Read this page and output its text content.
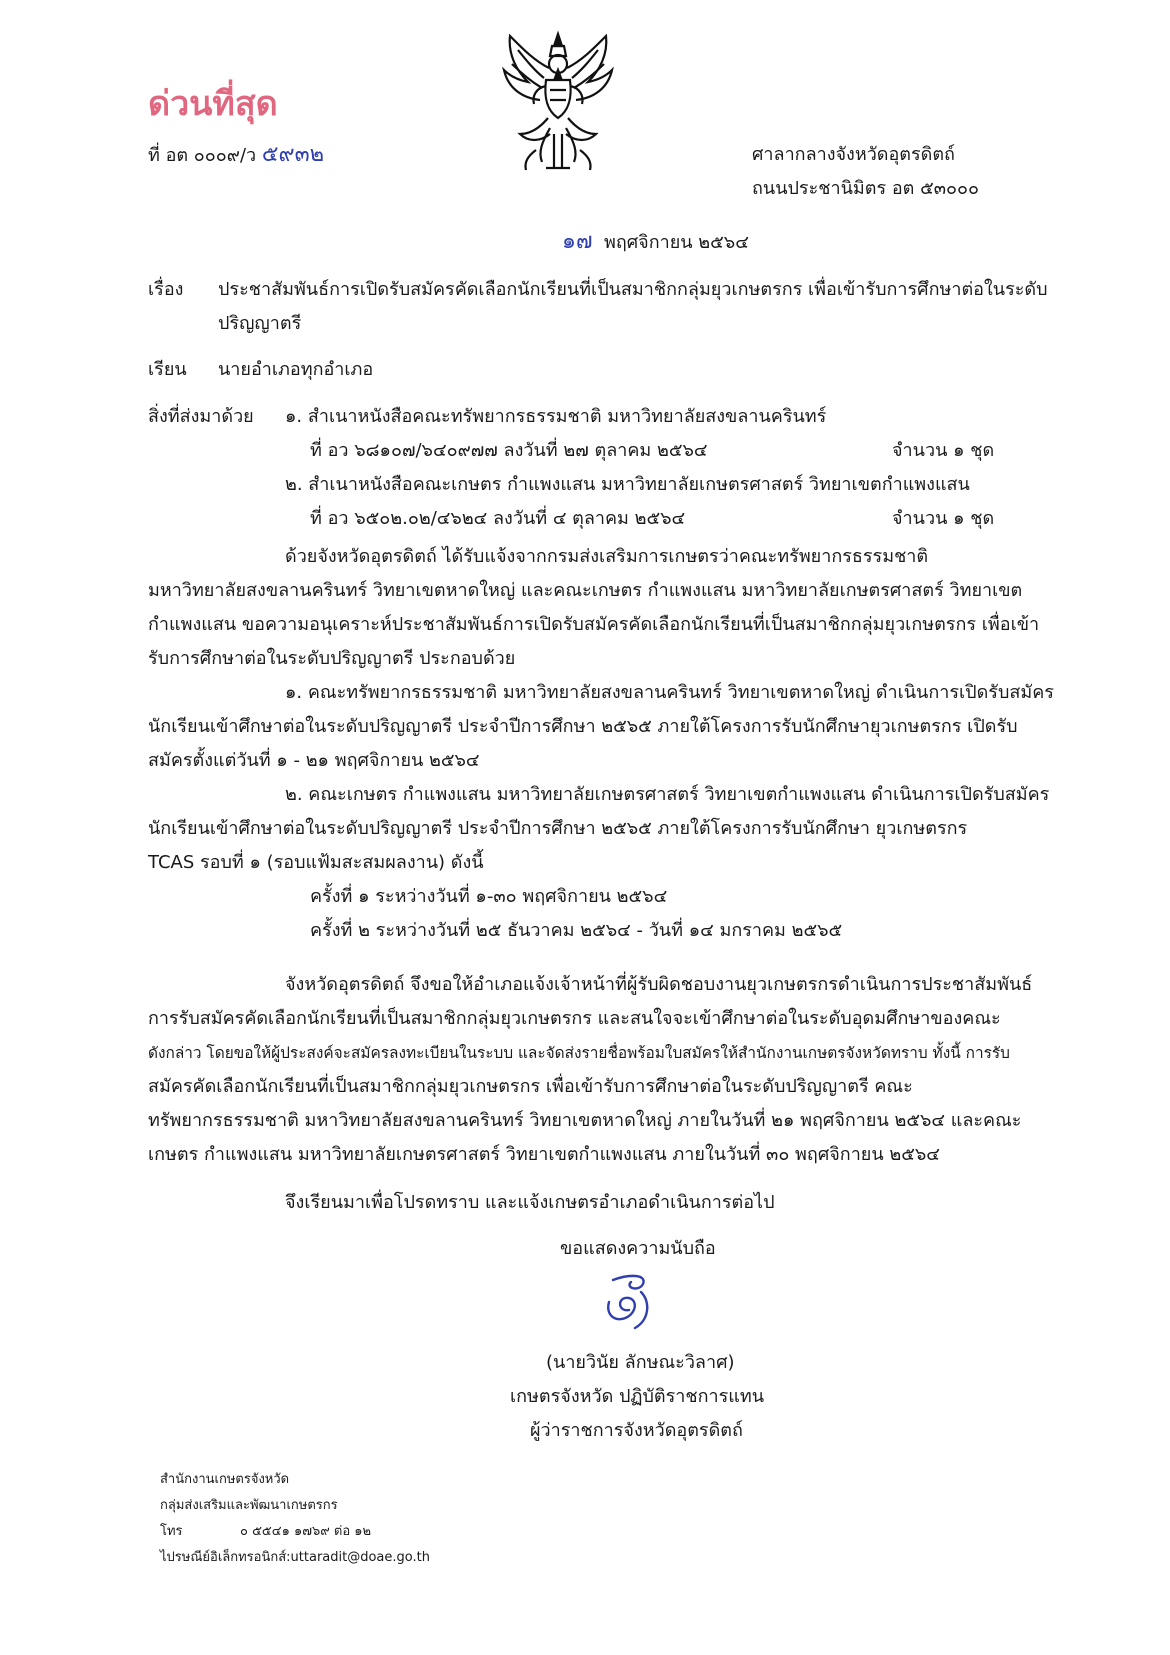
ด่วนที่สุด
ที่ อต ๐๐๐๙/ว ๕๙๓๒	ศาลากลางจังหวัดอุตรดิตถ์
ถนนประชานิมิตร อต ๕๓๐๐๐
๑๗ พฤศจิกายน ๒๕๖๔
เรื่อง ประชาสัมพันธ์การเปิดรับสมัครคัดเลือกนักเรียนที่เป็นสมาชิกกลุ่มยุวเกษตรกร เพื่อเข้ารับการศึกษาต่อในระดับ
ปริญญาตรี
เรียน นายอำเภอทุกอำเภอ
สิ่งที่ส่งมาด้วย ๑. สำเนาหนังสือคณะทรัพยากรธรรมชาติ มหาวิทยาลัยสงขลานครินทร์
ที่ อว ๖๘๑๐๗/๖๔๐๙๗๗ ลงวันที่ ๒๗ ตุลาคม ๒๕๖๔	จำนวน ๑ ชุด
๒. สำเนาหนังสือคณะเกษตร กำแพงแสน มหาวิทยาลัยเกษตรศาสตร์ วิทยาเขตกำแพงแสน
ที่ อว ๖๕๐๒.๐๒/๔๖๒๔ ลงวันที่ ๔ ตุลาคม ๒๕๖๔	จำนวน ๑ ชุด
ด้วยจังหวัดอุตรดิตถ์ ได้รับแจ้งจากกรมส่งเสริมการเกษตรว่าคณะทรัพยากรธรรมชาติ
มหาวิทยาลัยสงขลานครินทร์ วิทยาเขตหาดใหญ่ และคณะเกษตร กำแพงแสน มหาวิทยาลัยเกษตรศาสตร์ วิทยาเขต
กำแพงแสน ขอความอนุเคราะห์ประชาสัมพันธ์การเปิดรับสมัครคัดเลือกนักเรียนที่เป็นสมาชิกกลุ่มยุวเกษตรกร เพื่อเข้า
รับการศึกษาต่อในระดับปริญญาตรี ประกอบด้วย
๑. คณะทรัพยากรธรรมชาติ มหาวิทยาลัยสงขลานครินทร์ วิทยาเขตหาดใหญ่ ดำเนินการเปิดรับสมัคร
นักเรียนเข้าศึกษาต่อในระดับปริญญาตรี ประจำปีการศึกษา ๒๕๖๕ ภายใต้โครงการรับนักศึกษายุวเกษตรกร เปิดรับ
สมัครตั้งแต่วันที่ ๑ - ๒๑ พฤศจิกายน ๒๕๖๔
๒. คณะเกษตร กำแพงแสน มหาวิทยาลัยเกษตรศาสตร์ วิทยาเขตกำแพงแสน ดำเนินการเปิดรับสมัคร
นักเรียนเข้าศึกษาต่อในระดับปริญญาตรี ประจำปีการศึกษา ๒๕๖๕ ภายใต้โครงการรับนักศึกษา ยุวเกษตรกร
TCAS รอบที่ ๑ (รอบแฟ้มสะสมผลงาน) ดังนี้
ครั้งที่ ๑ ระหว่างวันที่ ๑-๓๐ พฤศจิกายน ๒๕๖๔
ครั้งที่ ๒ ระหว่างวันที่ ๒๕ ธันวาคม ๒๕๖๔ - วันที่ ๑๔ มกราคม ๒๕๖๕
จังหวัดอุตรดิตถ์ จึงขอให้อำเภอแจ้งเจ้าหน้าที่ผู้รับผิดชอบงานยุวเกษตรกรดำเนินการประชาสัมพันธ์
การรับสมัครคัดเลือกนักเรียนที่เป็นสมาชิกกลุ่มยุวเกษตรกร และสนใจจะเข้าศึกษาต่อในระดับอุดมศึกษาของคณะ
ดังกล่าว โดยขอให้ผู้ประสงค์จะสมัครลงทะเบียนในระบบ และจัดส่งรายชื่อพร้อมใบสมัครให้สำนักงานเกษตรจังหวัดทราบ ทั้งนี้ การรับ
สมัครคัดเลือกนักเรียนที่เป็นสมาชิกกลุ่มยุวเกษตรกร เพื่อเข้ารับการศึกษาต่อในระดับปริญญาตรี คณะ
ทรัพยากรธรรมชาติ มหาวิทยาลัยสงขลานครินทร์ วิทยาเขตหาดใหญ่ ภายในวันที่ ๒๑ พฤศจิกายน ๒๕๖๔ และคณะ
เกษตร กำแพงแสน มหาวิทยาลัยเกษตรศาสตร์ วิทยาเขตกำแพงแสน ภายในวันที่ ๓๐ พฤศจิกายน ๒๕๖๔
จึงเรียนมาเพื่อโปรดทราบ และแจ้งเกษตรอำเภอดำเนินการต่อไป
ขอแสดงความนับถือ
(นายวินัย ลักษณะวิลาศ)
เกษตรจังหวัด ปฏิบัติราชการแทน
ผู้ว่าราชการจังหวัดอุตรดิตถ์
สำนักงานเกษตรจังหวัด
กลุ่มส่งเสริมและพัฒนาเกษตรกร
โทร	๐ ๕๕๔๑ ๑๗๖๙ ต่อ ๑๒
ไปรษณีย์อิเล็กทรอนิกส์:uttaradit@doae.go.th
